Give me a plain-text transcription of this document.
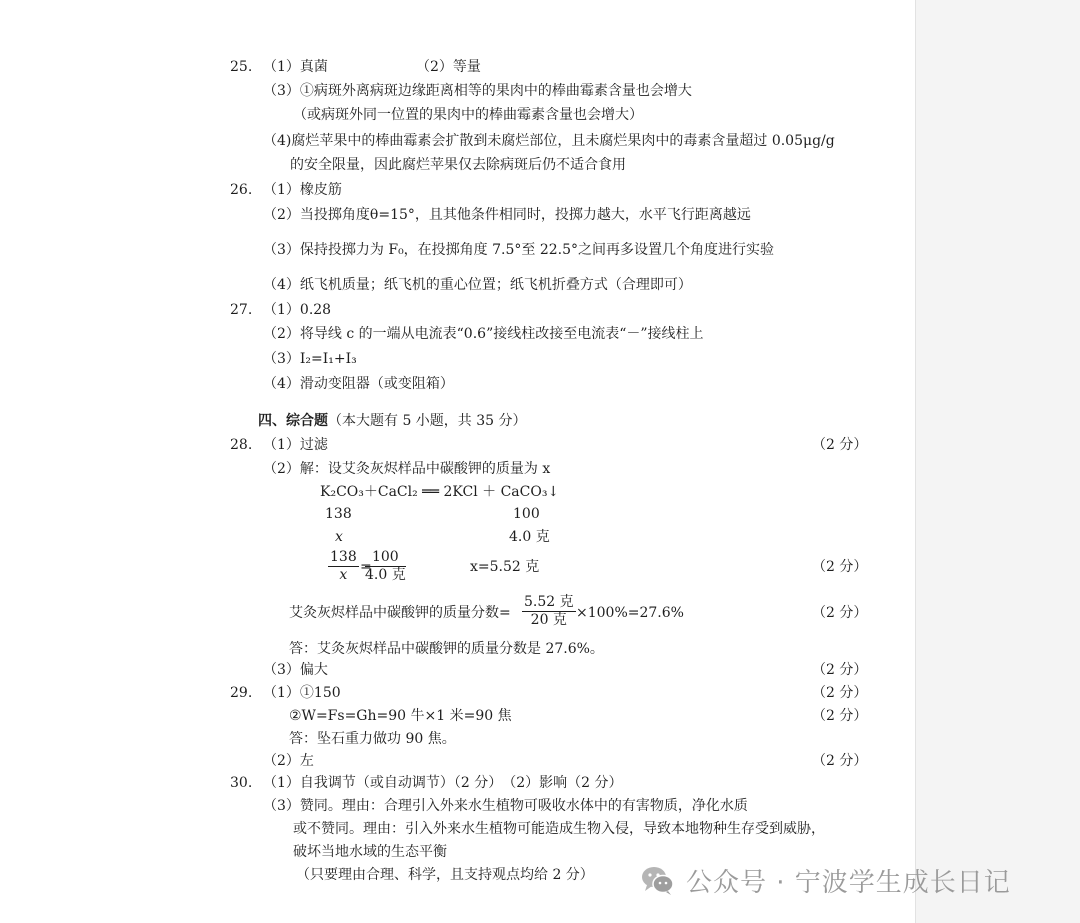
25. （1）真菌	（2）等量
（3）①病斑外离病斑边缘距离相等的果肉中的棒曲霉素含量也会增大
（或病斑外同一位置的果肉中的棒曲霉素含量也会增大）
（4)腐烂苹果中的棒曲霉素会扩散到未腐烂部位，且未腐烂果肉中的毒素含量超过 0.05μg/g
的安全限量，因此腐烂苹果仅去除病斑后仍不适合食用
26. （1）橡皮筋
（2）当投掷角度θ=15°，且其他条件相同时，投掷力越大，水平飞行距离越远
（3）保持投掷力为 F₀，在投掷角度 7.5°至 22.5°之间再多设置几个角度进行实验
（4）纸飞机质量；纸飞机的重心位置；纸飞机折叠方式（合理即可）
27. （1）0.28
（2）将导线 c 的一端从电流表“0.6”接线柱改接至电流表“－”接线柱上
（3）I₂=I₁+I₃
（4）滑动变阻器（或变阻箱）
四、综合题（本大题有 5 小题，共 35 分）
28. （1）过滤	（2 分）
（2）解：设艾灸灰烬样品中碳酸钾的质量为 x
K₂CO₃＋CaCl₂ ══ 2KCl ＋ CaCO₃↓
138	100
x	4.0 克
$\frac{138}{x}$ =
100
4.0 克	x=5.52 克	（2 分）
艾灸灰烬样品中碳酸钾的质量分数=
5.52 克
20 克 ×100%=27.6%	（2 分）
答：艾灸灰烬样品中碳酸钾的质量分数是 27.6%。
（3）偏大	（2 分）
29. （1）①150	（2 分）
②W=Fs=Gh=90 牛×1 米=90 焦	（2 分）
答：坠石重力做功 90 焦。
（2）左	（2 分）
30. （1）自我调节（或自动调节）（2 分）　（2）影响（2 分）
（3）赞同。理由：合理引入外来水生植物可吸收水体中的有害物质，净化水质
或不赞同。理由：引入外来水生植物可能造成生物入侵，导致本地物种生存受到威胁，
破坏当地水域的生态平衡
（只要理由合理、科学，且支持观点均给 2 分）	公众号 · 宁波学生成长日记
